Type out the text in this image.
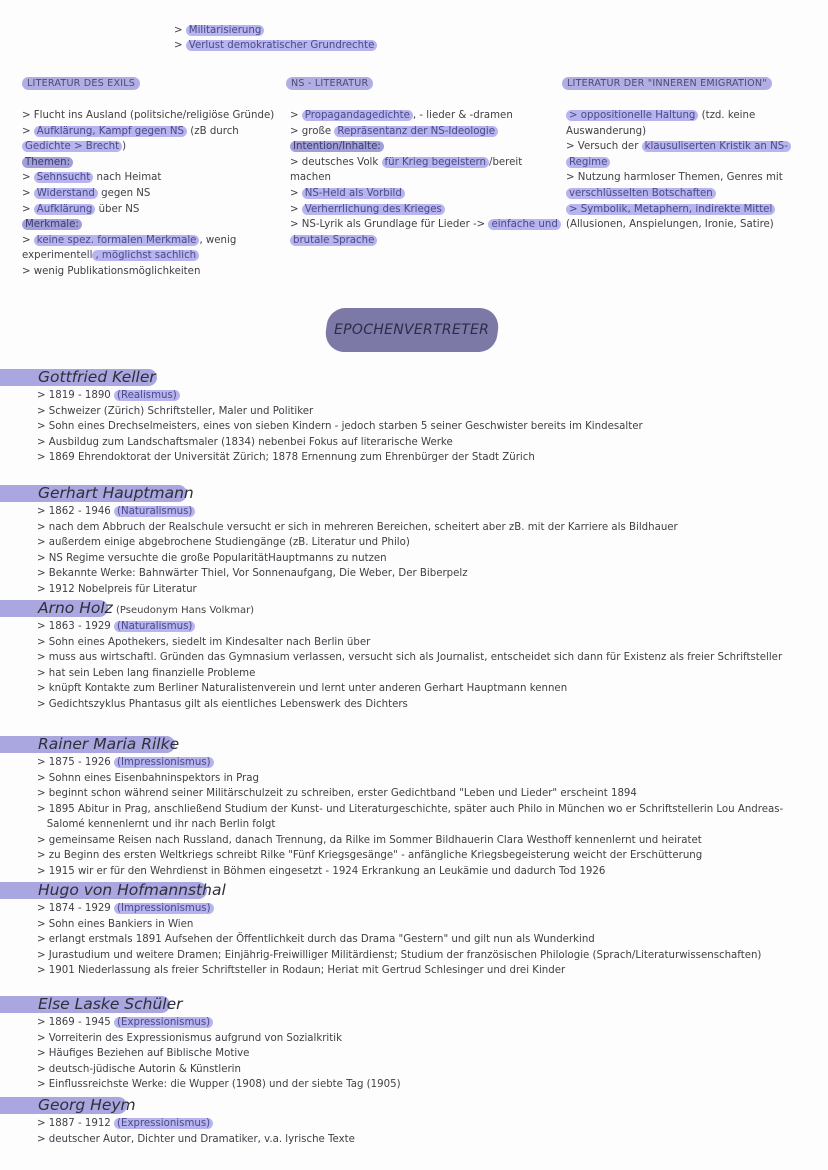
> Militarisierung
> Verlust demokratischer Grundrechte
LITERATUR DES EXILS	NS - LITERATUR	LITERATUR DER "INNEREN EMIGRATION"
> Flucht ins Ausland (politsiche/religiöse Gründe)
> Aufklärung, Kampf gegen NS (zB durch
Gedichte > Brecht )
Themen:
> Sehnsucht nach Heimat
> Widerstand gegen NS
> Aufklärung über NS
Merkmale:
> keine spez. formalen Merkmale , wenig
experimentell , möglichst sachlich
> wenig Publikationsmöglichkeiten
> Propagandagedichte , - lieder & -dramen
> große Repräsentanz der NS-Ideologie
Intention/Inhalte:
> deutsches Volk für Krieg begeistern /bereit
machen
> NS-Held als Vorbild
> Verherrlichung des Krieges
> NS-Lyrik als Grundlage für Lieder -> einfache und
brutale Sprache
> oppositionelle Haltung (tzd. keine
Auswanderung)
> Versuch der klausuliserten Kristik an NS-
Regime
> Nutzung harmloser Themen, Genres mit
verschlüsselten Botschaften
> Symbolik, Metaphern, indirekte Mittel
(Allusionen, Anspielungen, Ironie, Satire)
EPOCHENVERTRETER
Gottfried Keller
> 1819 - 1890 (Realismus)
> Schweizer (Zürich) Schriftsteller, Maler und Politiker
> Sohn eines Drechselmeisters, eines von sieben Kindern - jedoch starben 5 seiner Geschwister bereits im Kindesalter
> Ausbildug zum Landschaftsmaler (1834) nebenbei Fokus auf literarische Werke
> 1869 Ehrendoktorat der Universität Zürich; 1878 Ernennung zum Ehrenbürger der Stadt Zürich
Gerhart Hauptmann
> 1862 - 1946 (Naturalismus)
> nach dem Abbruch der Realschule versucht er sich in mehreren Bereichen, scheitert aber zB. mit der Karriere als Bildhauer
> außerdem einige abgebrochene Studiengänge (zB. Literatur und Philo)
> NS Regime versuchte die große PopularitätHauptmanns zu nutzen
> Bekannte Werke: Bahnwärter Thiel, Vor Sonnenaufgang, Die Weber, Der Biberpelz
> 1912 Nobelpreis für Literatur
Arno Holz (Pseudonym Hans Volkmar)
> 1863 - 1929 (Naturalismus)
> Sohn eines Apothekers, siedelt im Kindesalter nach Berlin über
> muss aus wirtschaftl. Gründen das Gymnasium verlassen, versucht sich als Journalist, entscheidet sich dann für Existenz als freier Schriftsteller
> hat sein Leben lang finanzielle Probleme
> knüpft Kontakte zum Berliner Naturalistenverein und lernt unter anderen Gerhart Hauptmann kennen
> Gedichtszyklus Phantasus gilt als eientliches Lebenswerk des Dichters
Rainer Maria Rilke
> 1875 - 1926 (Impressionismus)
> Sohnn eines Eisenbahninspektors in Prag
> beginnt schon während seiner Militärschulzeit zu schreiben, erster Gedichtband "Leben und Lieder" erscheint 1894
> 1895 Abitur in Prag, anschließend Studium der Kunst- und Literaturgeschichte, später auch Philo in München wo er Schriftstellerin Lou Andreas-
Salomé kennenlernt und ihr nach Berlin folgt
> gemeinsame Reisen nach Russland, danach Trennung, da Rilke im Sommer Bildhauerin Clara Westhoff kennenlernt und heiratet
> zu Beginn des ersten Weltkriegs schreibt Rilke "Fünf Kriegsgesänge" - anfängliche Kriegsbegeisterung weicht der Erschütterung
> 1915 wir er für den Wehrdienst in Böhmen eingesetzt - 1924 Erkrankung an Leukämie und dadurch Tod 1926
Hugo von Hofmannsthal
> 1874 - 1929 (Impressionismus)
> Sohn eines Bankiers in Wien
> erlangt erstmals 1891 Aufsehen der Öffentlichkeit durch das Drama "Gestern" und gilt nun als Wunderkind
> Jurastudium und weitere Dramen; Einjährig-Freiwilliger Militärdienst; Studium der französischen Philologie (Sprach/Literaturwissenschaften)
> 1901 Niederlassung als freier Schriftsteller in Rodaun; Heriat mit Gertrud Schlesinger und drei Kinder
Else Laske Schüler
> 1869 - 1945 (Expressionismus)
> Vorreiterin des Expressionismus aufgrund von Sozialkritik
> Häufiges Beziehen auf Biblische Motive
> deutsch-jüdische Autorin & Künstlerin
> Einflussreichste Werke: die Wupper (1908) und der siebte Tag (1905)
Georg Heym
> 1887 - 1912 (Expressionismus)
> deutscher Autor, Dichter und Dramatiker, v.a. lyrische Texte
